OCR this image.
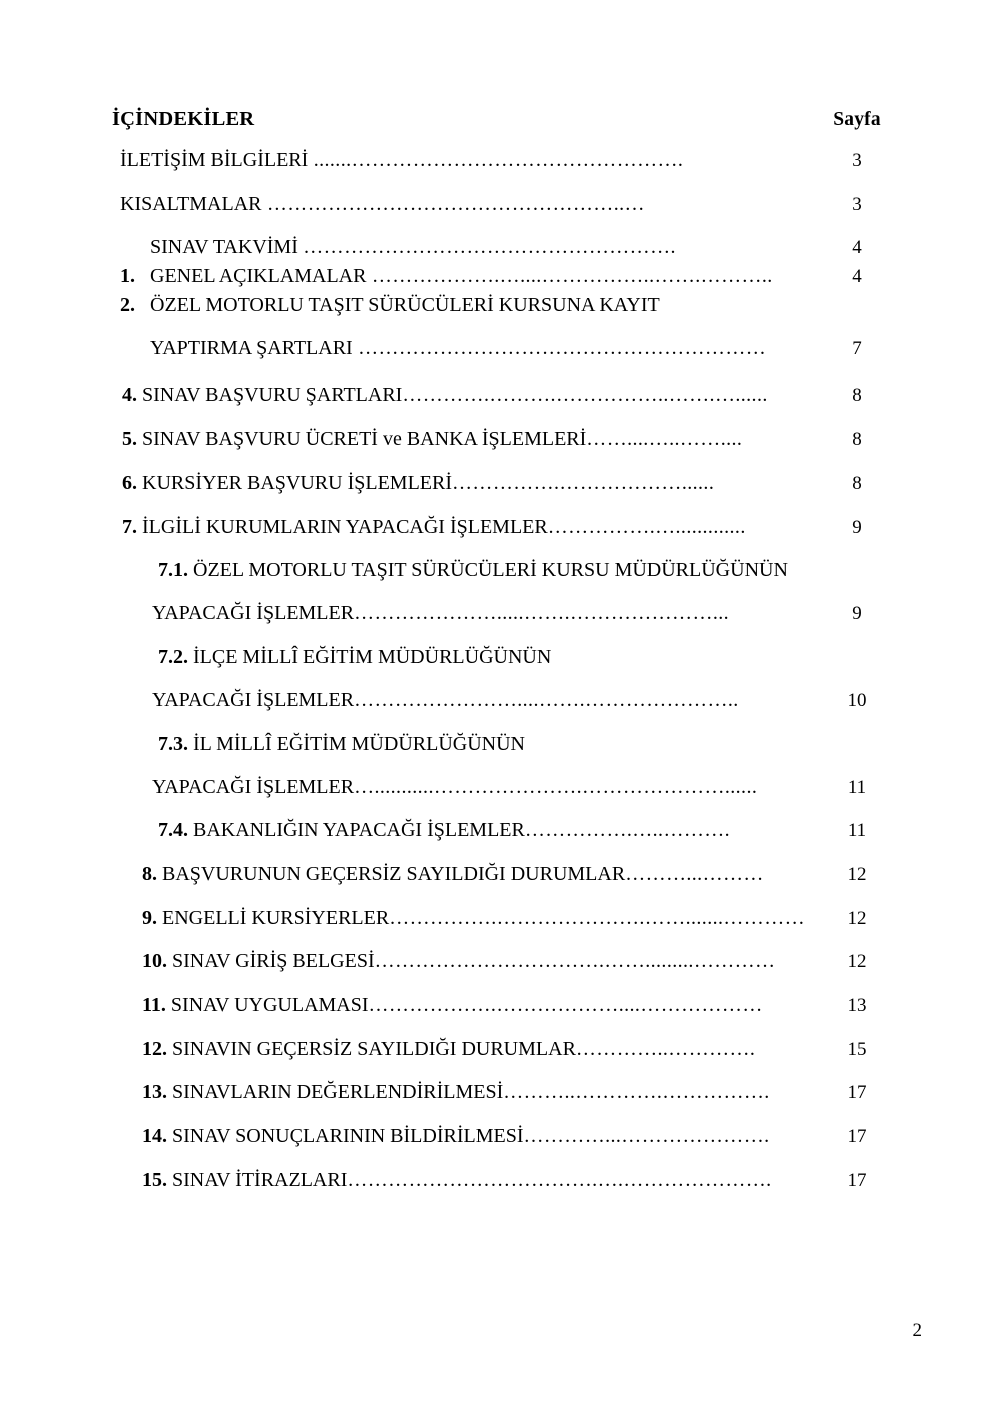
İÇİNDEKİLER	Sayfa
İLETİŞİM BİLGİLERİ .......………………………………………….	3
KISALTMALAR ……………………………………………..…	3
SINAV TAKVİMİ ……………………………………………….	4
1.GENEL AÇIKLAMALAR ……………….…....……………..…….………..	4
2.ÖZEL MOTORLU TAŞIT SÜRÜCÜLERİ KURSUNA KAYIT
YAPTIRMA ŞARTLARI ……………………………………………………	7
4. SINAV BAŞVURU ŞARTLARI………….……….……………..…….…......	8
5. SINAV BAŞVURU ÜCRETİ ve BANKA İŞLEMLERİ……....…..……....	8
6. KURSİYER BAŞVURU İŞLEMLERİ…………….………………......	8
7. İLGİLİ KURUMLARIN YAPACAĞI İŞLEMLER…………….….............	9
7.1. ÖZEL MOTORLU TAŞIT SÜRÜCÜLERİ KURSU MÜDÜRLÜĞÜNÜN
YAPACAĞI İŞLEMLER………………….....…….…………………...	9
7.2. İLÇE MİLLÎ EĞİTİM MÜDÜRLÜĞÜNÜN
YAPACAĞI İŞLEMLER……………………....…….…………………..	10
7.3. İL MİLLÎ EĞİTİM MÜDÜRLÜĞÜNÜN
YAPACAĞI İŞLEMLER…...........………………….…………………......	11
7.4. BAKANLIĞIN YAPACAĞI İŞLEMLER…………….…..……….	11
8. BAŞVURUNUN GEÇERSİZ SAYILDIĞI DURUMLAR………...………	12
9. ENGELLİ KURSİYERLER…………….………………….…….......…………	12
10. SINAV GİRİŞ BELGESİ…………………………….…….........…………	12
11. SINAV UYGULAMASI……………….………………....………………	13
12. SINAVIN GEÇERSİZ SAYILDIĞI DURUMLAR…………..………….	15
13. SINAVLARIN DEĞERLENDİRİLMESİ………..………….…………….	17
14. SINAV SONUÇLARININ BİLDİRİLMESİ…………...………………….	17
15. SINAV İTİRAZLARI……………………………….….………………….	17
2
